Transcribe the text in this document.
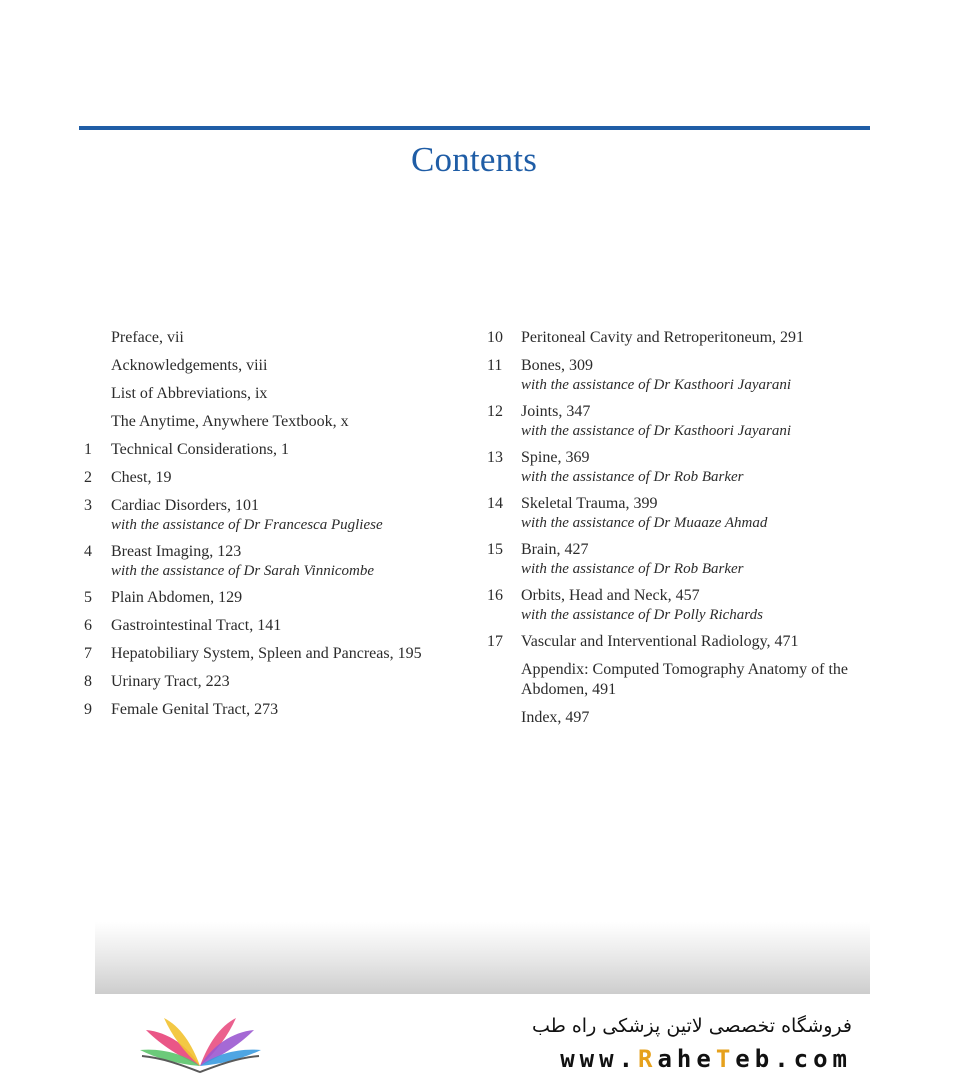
Contents
Preface, vii
Acknowledgements, viii
List of Abbreviations, ix
The Anytime, Anywhere Textbook, x
1	Technical Considerations, 1
2	Chest, 19
3	Cardiac Disorders, 101
with the assistance of Dr Francesca Pugliese
4	Breast Imaging, 123
with the assistance of Dr Sarah Vinnicombe
5	Plain Abdomen, 129
6	Gastrointestinal Tract, 141
7	Hepatobiliary System, Spleen and Pancreas, 195
8	Urinary Tract, 223
9	Female Genital Tract, 273
10	Peritoneal Cavity and Retroperitoneum, 291
11	Bones, 309
with the assistance of Dr Kasthoori Jayarani
12	Joints, 347
with the assistance of Dr Kasthoori Jayarani
13	Spine, 369
with the assistance of Dr Rob Barker
14	Skeletal Trauma, 399
with the assistance of Dr Muaaze Ahmad
15	Brain, 427
with the assistance of Dr Rob Barker
16	Orbits, Head and Neck, 457
with the assistance of Dr Polly Richards
17	Vascular and Interventional Radiology, 471
Appendix: Computed Tomography Anatomy of the Abdomen, 491
Index, 497
فروشگاه تخصصی لاتین پزشکی راه طب
www.RaheTeb.com
